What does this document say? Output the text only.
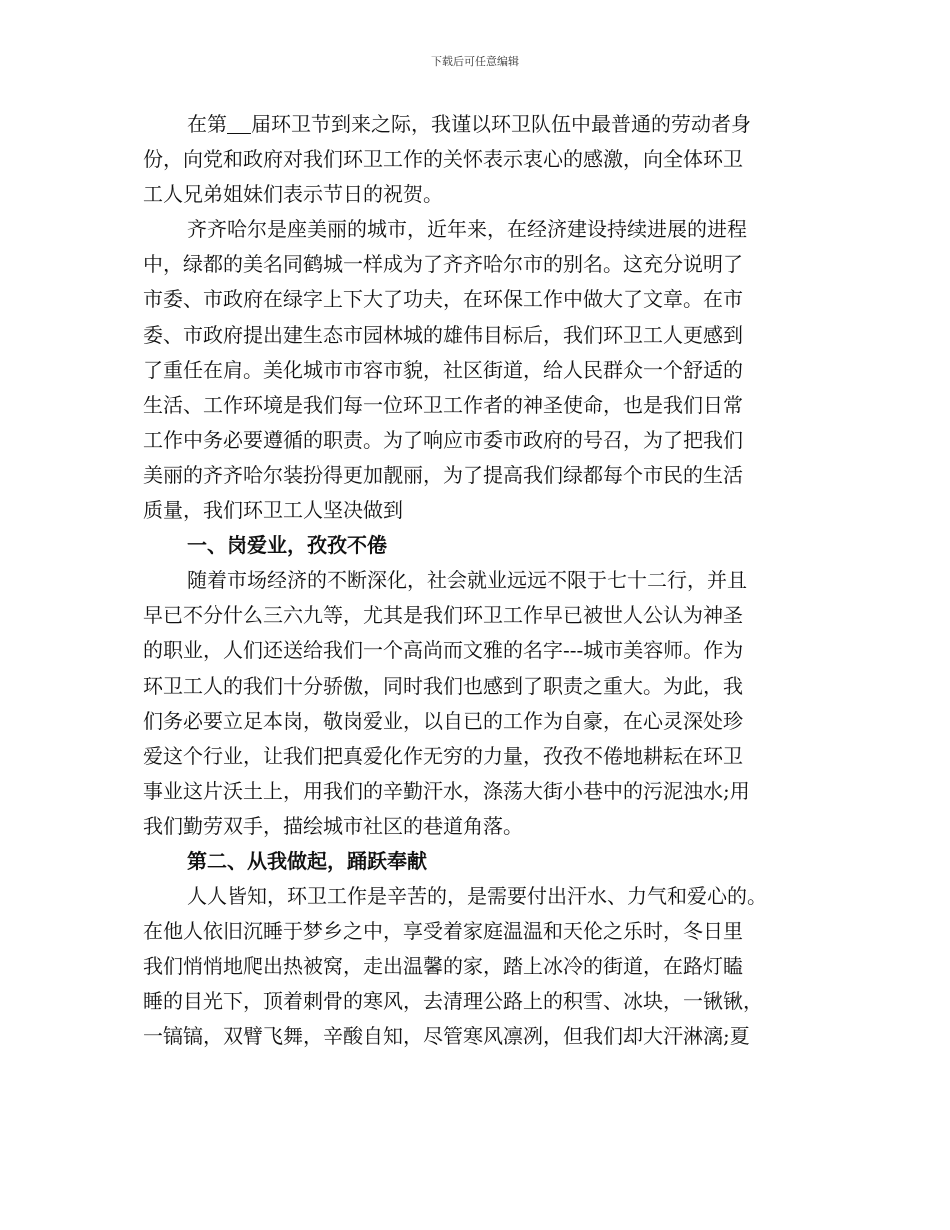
下载后可任意编辑
在第 届环卫节到来之际，我谨以环卫队伍中最普通的劳动者身
份，向党和政府对我们环卫工作的关怀表示衷心的感激，向全体环卫
工人兄弟姐妹们表示节日的祝贺。
齐齐哈尔是座美丽的城市，近年来，在经济建设持续进展的进程
中，绿都的美名同鹤城一样成为了齐齐哈尔市的别名。这充分说明了
市委、市政府在绿字上下大了功夫，在环保工作中做大了文章。在市
委、市政府提出建生态市园林城的雄伟目标后，我们环卫工人更感到
了重任在肩。美化城市市容市貌，社区街道，给人民群众一个舒适的
生活、工作环境是我们每一位环卫工作者的神圣使命，也是我们日常
工作中务必要遵循的职责。为了响应市委市政府的号召，为了把我们
美丽的齐齐哈尔装扮得更加靓丽，为了提高我们绿都每个市民的生活
质量，我们环卫工人坚决做到
一、岗爱业，孜孜不倦
随着市场经济的不断深化，社会就业远远不限于七十二行，并且
早已不分什么三六九等，尤其是我们环卫工作早已被世人公认为神圣
的职业，人们还送给我们一个高尚而文雅的名字---城市美容师。作为
环卫工人的我们十分骄傲，同时我们也感到了职责之重大。为此，我
们务必要立足本岗，敬岗爱业，以自已的工作为自豪，在心灵深处珍
爱这个行业，让我们把真爱化作无穷的力量，孜孜不倦地耕耘在环卫
事业这片沃土上，用我们的辛勤汗水，涤荡大街小巷中的污泥浊水;用
我们勤劳双手，描绘城市社区的巷道角落。
第二、从我做起，踊跃奉献
人人皆知，环卫工作是辛苦的，是需要付出汗水、力气和爱心的。
在他人依旧沉睡于梦乡之中，享受着家庭温温和天伦之乐时，冬日里
我们悄悄地爬出热被窝，走出温馨的家，踏上冰冷的街道，在路灯瞌
睡的目光下，顶着刺骨的寒风，去清理公路上的积雪、冰块，一锹锹，
一镐镐，双臂飞舞，辛酸自知，尽管寒风凛冽，但我们却大汗淋漓;夏
